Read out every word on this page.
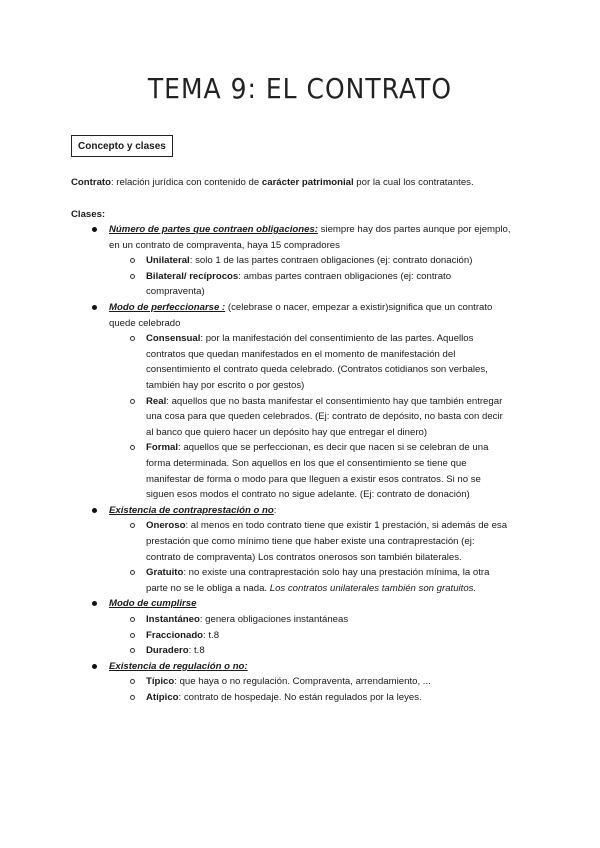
TEMA 9: EL CONTRATO
Concepto y clases
Contrato: relación jurídica con contenido de carácter patrimonial por la cual los contratantes.
Clases:
Número de partes que contraen obligaciones: siempre hay dos partes aunque por ejemplo,
en un contrato de compraventa, haya 15 compradores
Unilateral: solo 1 de las partes contraen obligaciones (ej: contrato donación)
Bilateral/ recíprocos: ambas partes contraen obligaciones (ej: contrato
compraventa)
Modo de perfeccionarse : (celebrase o nacer, empezar a existir)significa que un contrato
quede celebrado
Consensual: por la manifestación del consentimiento de las partes. Aquellos
contratos que quedan manifestados en el momento de manifestación del
consentimiento el contrato queda celebrado. (Contratos cotidianos son verbales,
también hay por escrito o por gestos)
Real: aquellos que no basta manifestar el consentimiento hay que también entregar
una cosa para que queden celebrados. (Ej: contrato de depósito, no basta con decir
al banco que quiero hacer un depósito hay que entregar el dinero)
Formal: aquellos que se perfeccionan, es decir que nacen si se celebran de una
forma determinada. Son aquellos en los que el consentimiento se tiene que
manifestar de forma o modo para que lleguen a existir esos contratos. Si no se
siguen esos modos el contrato no sigue adelante. (Ej: contrato de donación)
Existencia de contraprestación o no:
Oneroso: al menos en todo contrato tiene que existir 1 prestación, si además de esa
prestación que como mínimo tiene que haber existe una contraprestación (ej:
contrato de compraventa) Los contratos onerosos son también bilaterales.
Gratuito: no existe una contraprestación solo hay una prestación mínima, la otra
parte no se le obliga a nada. Los contratos unilaterales también son gratuitos.
Modo de cumplirse
Instantáneo: genera obligaciones instantáneas
Fraccionado: t.8
Duradero: t.8
Existencia de regulación o no:
Típico: que haya o no regulación. Compraventa, arrendamiento, ...
Atípico: contrato de hospedaje. No están regulados por la leyes.
